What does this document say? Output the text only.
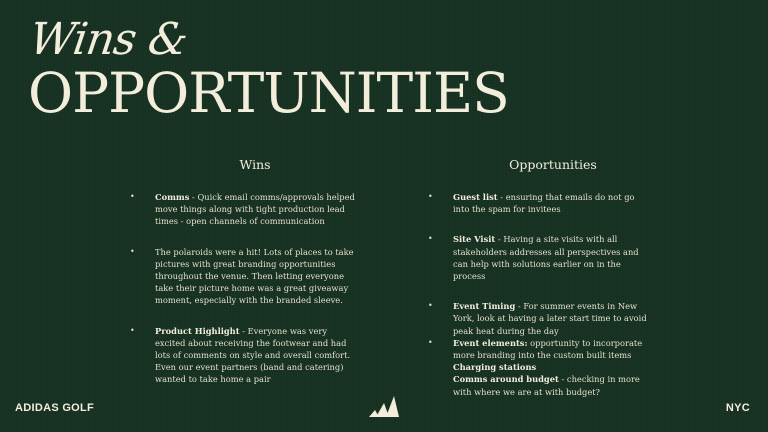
Wins &
OPPORTUNITIES
Wins
• Comms - Quick email comms/approvals helped move things along with tight production lead times - open channels of communication
• The polaroids were a hit! Lots of places to take pictures with great branding opportunities throughout the venue. Then letting everyone take their picture home was a great giveaway moment, especially with the branded sleeve.
• Product Highlight - Everyone was very excited about receiving the footwear and had lots of comments on style and overall comfort. Even our event partners (band and catering) wanted to take home a pair
Opportunities
• Guest list - ensuring that emails do not go into the spam for invitees
• Site Visit - Having a site visits with all stakeholders addresses all perspectives and can help with solutions earlier on in the process
• Event Timing - For summer events in New York, look at having a later start time to avoid peak heat during the day
• Event elements: opportunity to incorporate more branding into the custom built items
Charging stations
Comms around budget - checking in more with where we are at with budget?
ADIDAS GOLF	NYC
